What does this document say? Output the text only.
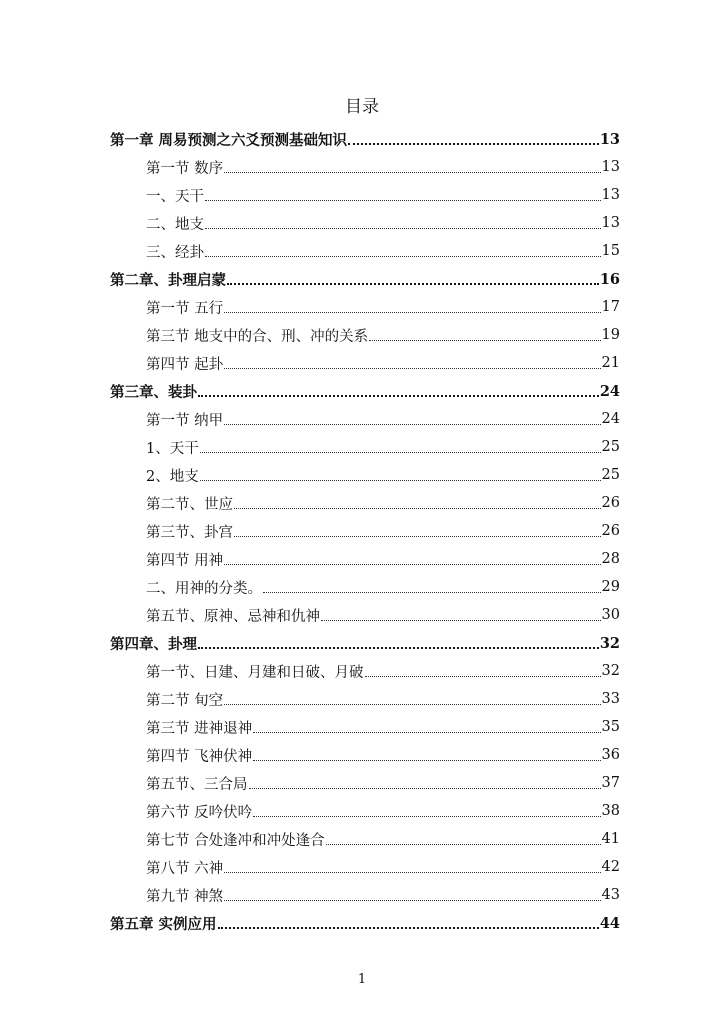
目录
第一章 周易预测之六爻预测基础知识	13
第一节 数序	13
一、天干	13
二、地支	13
三、经卦	15
第二章、卦理启蒙	16
第一节 五行	17
第三节 地支中的合、刑、冲的关系	19
第四节 起卦	21
第三章、装卦	24
第一节 纳甲	24
1、天干	25
2、地支	25
第二节、世应	26
第三节、卦宫	26
第四节 用神	28
二、用神的分类。	29
第五节、原神、忌神和仇神	30
第四章、卦理	32
第一节、日建、月建和日破、月破	32
第二节 旬空	33
第三节 进神退神	35
第四节 飞神伏神	36
第五节、三合局	37
第六节 反吟伏吟	38
第七节 合处逢冲和冲处逢合	41
第八节 六神	42
第九节 神煞	43
第五章 实例应用	44
1
